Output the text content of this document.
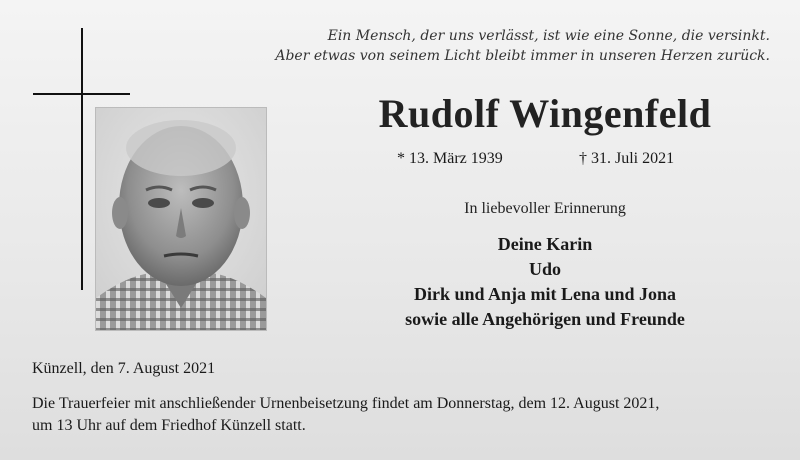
Ein Mensch, der uns verlässt, ist wie eine Sonne, die versinkt.
Aber etwas von seinem Licht bleibt immer in unseren Herzen zurück.
Rudolf Wingenfeld
* 13. März 1939	† 31. Juli 2021
In liebevoller Erinnerung
Deine Karin
Udo
Dirk und Anja mit Lena und Jona
sowie alle Angehörigen und Freunde
Künzell, den 7. August 2021
Die Trauerfeier mit anschließender Urnenbeisetzung findet am Donnerstag, dem 12. August 2021,
um 13 Uhr auf dem Friedhof Künzell statt.
